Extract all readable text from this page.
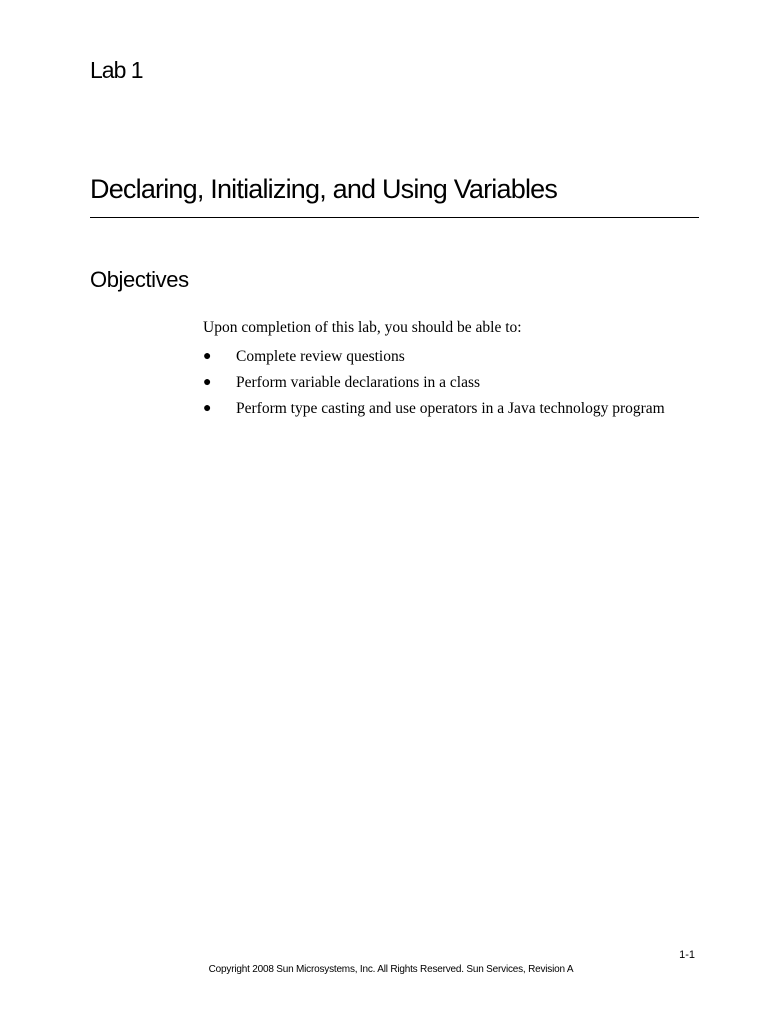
Lab 1
Declaring, Initializing, and Using Variables
Objectives

Upon completion of this lab, you should be able to:

● Complete review questions
● Perform variable declarations in a class
● Perform type casting and use operators in a Java technology program
1-1
Copyright 2008 Sun Microsystems, Inc. All Rights Reserved. Sun Services, Revision A
